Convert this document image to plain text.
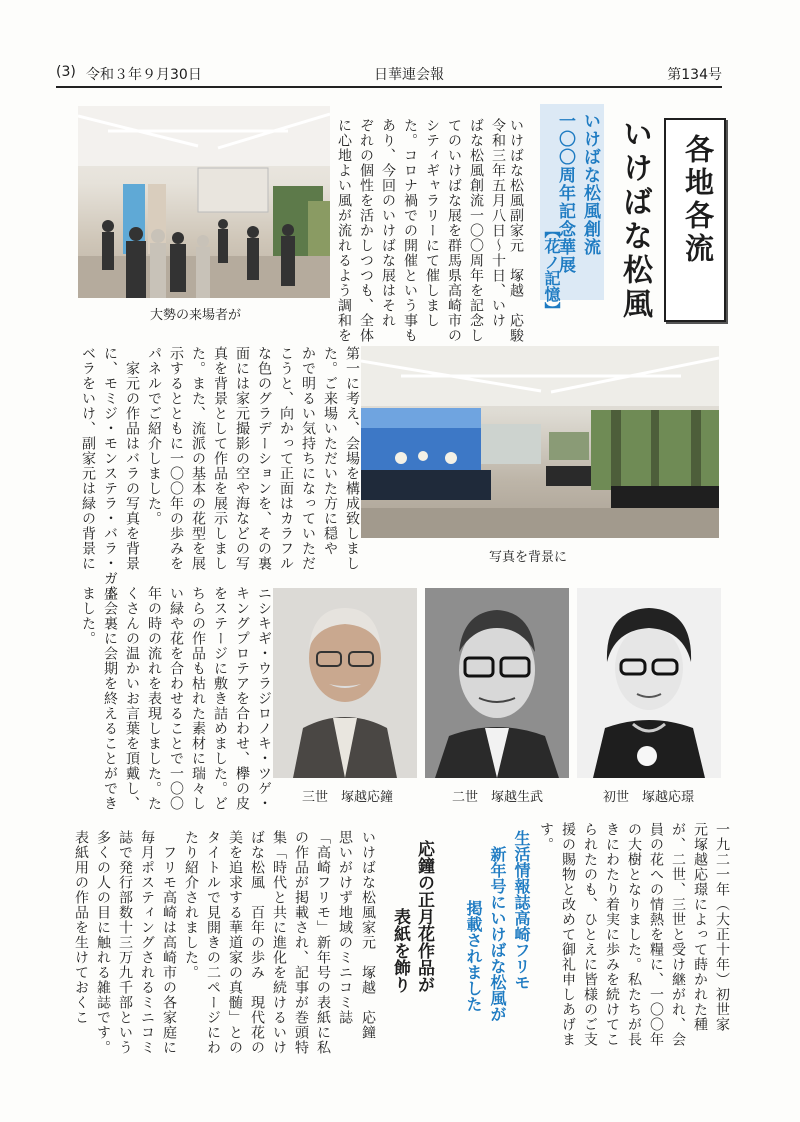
(3) 令和３年９月30日	日華連会報	第134号
各地各流
いけばな松風
いけばな松風創流
一〇〇周年記念華展
【花ノ記憶】
いけばな松風副家元　塚越　応駿
令和三年五月八日～十日、いけ
ばな松風創流一〇〇周年を記念し
てのいけばな展を群馬県高崎市の
シティギャラリーにて催しまし
た。コロナ禍での開催という事も
あり、今回のいけばな展はそれ
ぞれの個性を活かしつつも、全体
に心地よい風が流れるよう調和を
大勢の来場者が
第一に考え、会場を構成致しまし
た。ご来場いただいた方に穏や
かで明るい気持ちになっていただ
こうと、向かって正面はカラフル
な色のグラデーションを、その裏
面には家元撮影の空や海などの写
真を背景として作品を展示しまし
た。また、流派の基本の花型を展
示するとともに一〇〇年の歩みを
パネルでご紹介しました。
　家元の作品はバラの写真を背景
に、モミジ・モンステラ・バラ・ガー
ベラをいけ、副家元は緑の背景に	写真を背景に
ニシキギ・ウラジロノキ・ツゲ・
キングプロテアを合わせ、欅の皮
をステージに敷き詰めました。ど
ちらの作品も枯れた素材に瑞々し
い緑や花を合わせることで一〇〇
年の時の流れを表現しました。た
くさんの温かいお言葉を頂戴し、
盛会裏に会期を終えることができ
ました。
三世　塚越応鐘	二世　塚越生武	初世　塚越応璟
一九二一年（大正十年）初世家
元塚越応璟によって蒔かれた種
が、二世、三世と受け継がれ、会
員の花への情熱を糧に、一〇〇年
の大樹となりました。私たちが長
きにわたり着実に歩みを続けてこ
られたのも、ひとえに皆様のご支
援の賜物と改めて御礼申しあげま
す。
生活情報誌高崎フリモ
新年号にいけばな松風が
掲載されました
応鐘の正月花作品が
表紙を飾り
いけばな松風家元　塚越　応鐘
思いがけず地域のミニコミ誌
「高崎フリモ」新年号の表紙に私
の作品が掲載され、記事が巻頭特
集「時代と共に進化を続けるいけ
ばな松風　百年の歩み　現代花の
美を追求する華道家の真髄」との
タイトルで見開きの二ページにわ
たり紹介されました。
　フリモ高崎は高崎市の各家庭に
毎月ポスティングされるミニコミ
誌で発行部数十三万九千部という
多くの人の目に触れる雑誌です。
表紙用の作品を生けておくこ
